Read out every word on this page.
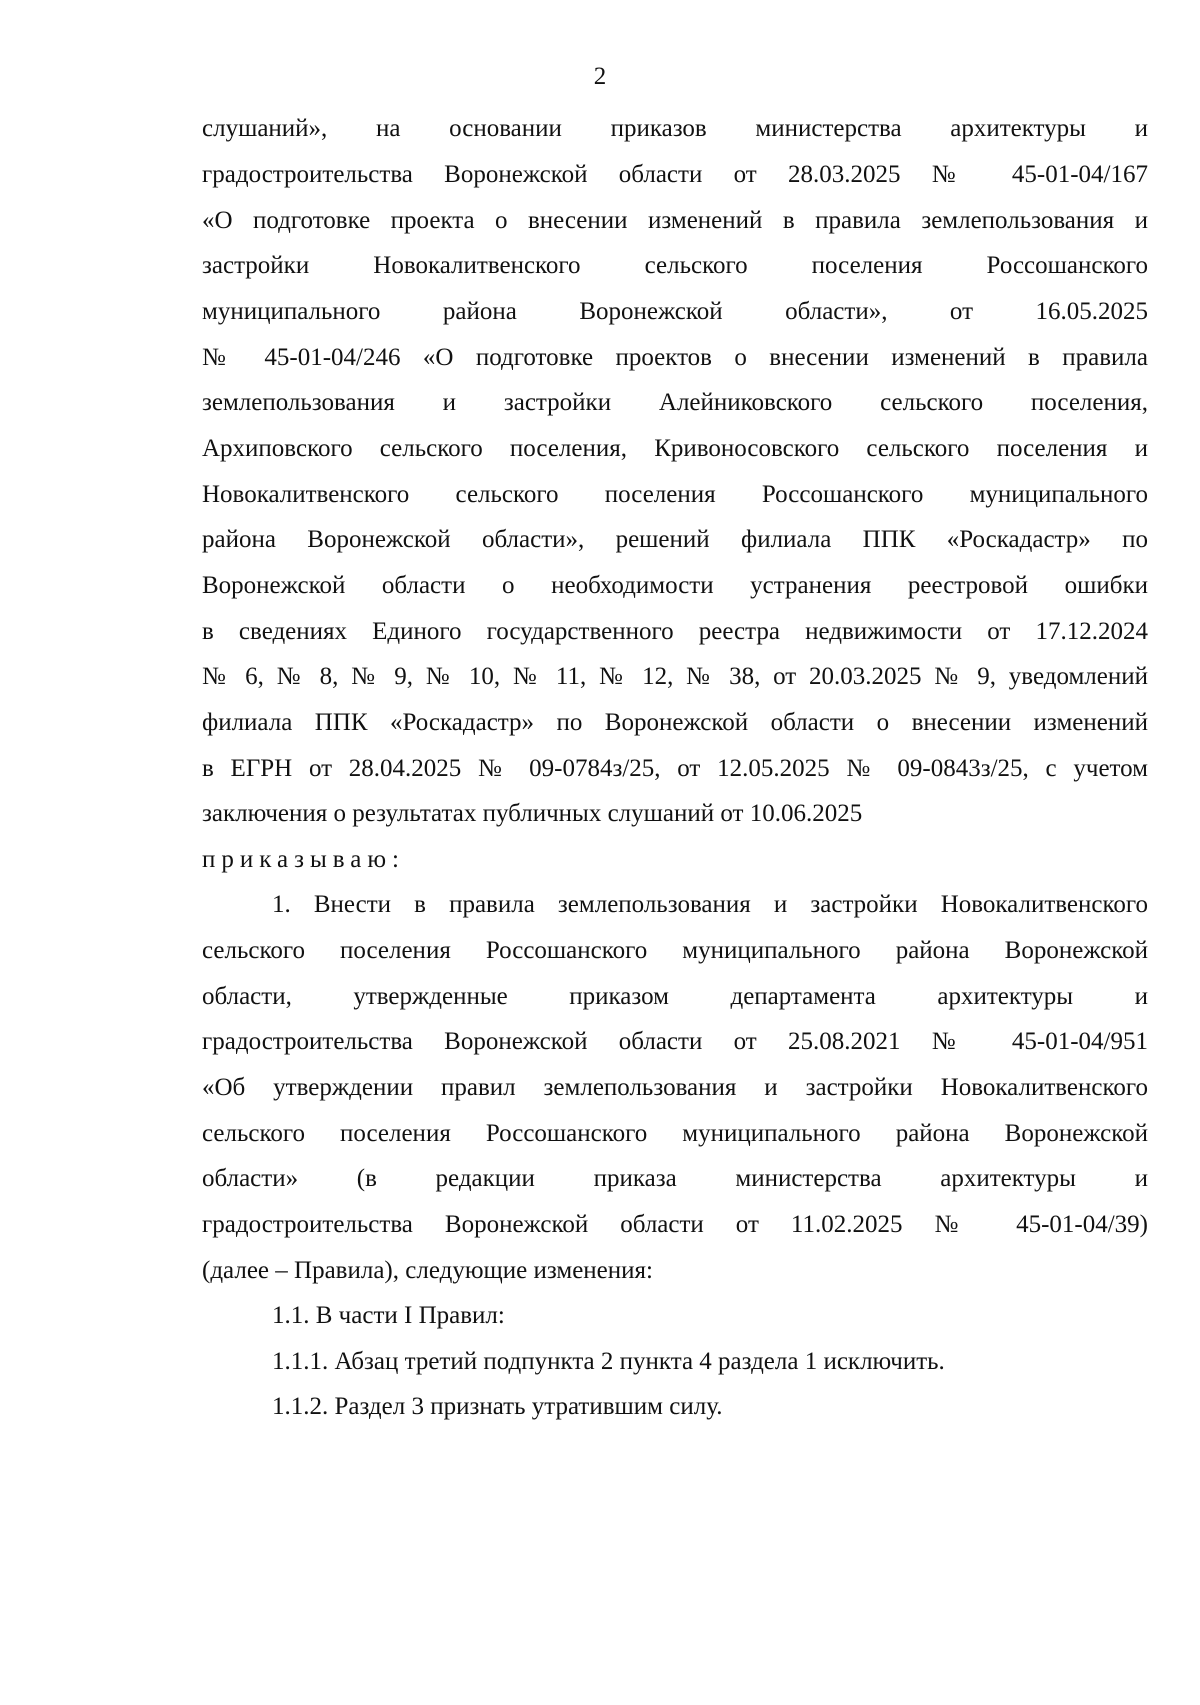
2
слушаний», на основании приказов министерства архитектуры и
градостроительства Воронежской области от 28.03.2025 № 45-01-04/167
«О подготовке проекта о внесении изменений в правила землепользования и
застройки Новокалитвенского сельского поселения Россошанского
муниципального района Воронежской области», от 16.05.2025
№ 45-01-04/246 «О подготовке проектов о внесении изменений в правила
землепользования и застройки Алейниковского сельского поселения,
Архиповского сельского поселения, Кривоносовского сельского поселения и
Новокалитвенского сельского поселения Россошанского муниципального
района Воронежской области», решений филиала ППК «Роскадастр» по
Воронежской области о необходимости устранения реестровой ошибки
в сведениях Единого государственного реестра недвижимости от 17.12.2024
№ 6, № 8, № 9, № 10, № 11, № 12, № 38, от 20.03.2025 № 9, уведомлений
филиала ППК «Роскадастр» по Воронежской области о внесении изменений
в ЕГРН от 28.04.2025 № 09-0784з/25, от 12.05.2025 № 09-0843з/25, с учетом
заключения о результатах публичных слушаний от 10.06.2025
приказываю:
1. Внести в правила землепользования и застройки Новокалитвенского
сельского поселения Россошанского муниципального района Воронежской
области, утвержденные приказом департамента архитектуры и
градостроительства Воронежской области от 25.08.2021 № 45-01-04/951
«Об утверждении правил землепользования и застройки Новокалитвенского
сельского поселения Россошанского муниципального района Воронежской
области» (в редакции приказа министерства архитектуры и
градостроительства Воронежской области от 11.02.2025 № 45-01-04/39)
(далее – Правила), следующие изменения:
1.1. В части I Правил:
1.1.1. Абзац третий подпункта 2 пункта 4 раздела 1 исключить.
1.1.2. Раздел 3 признать утратившим силу.
